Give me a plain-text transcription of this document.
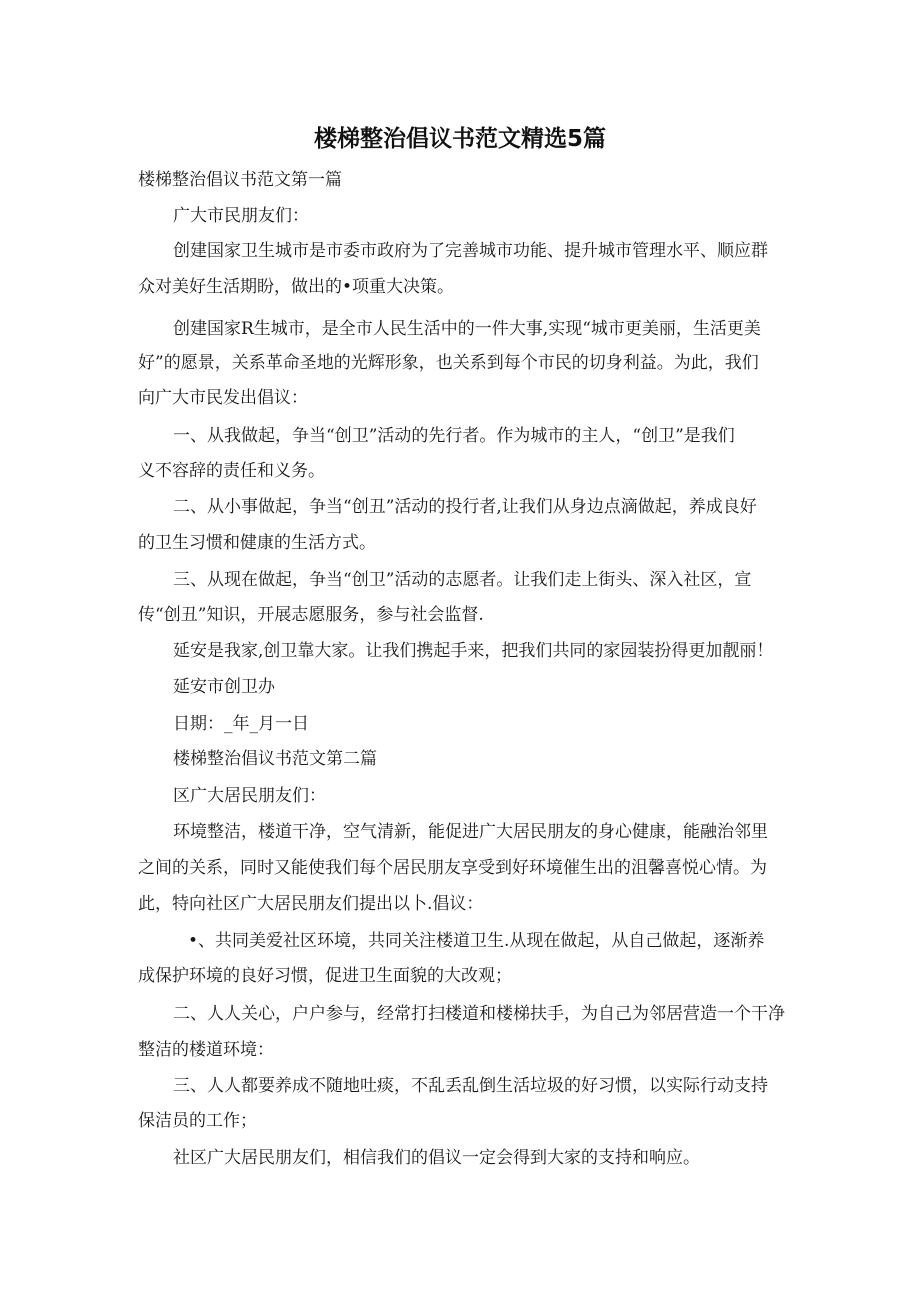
楼梯整治倡议书范文精选5篇
楼梯整治倡议书范文第一篇
广大市民朋友们：
创建国家卫生城市是市委市政府为了完善城市功能、提升城市管理水平、顺应群
众对美好生活期盼，做出的•项重大决策。
创建国家R生城市，是全市人民生活中的一件大事,实现“城市更美丽，生活更美
好”的愿景，关系革命圣地的光辉形象，也关系到每个市民的切身利益。为此，我们
向广大市民发出倡议：
一、从我做起，争当“创卫”活动的先行者。作为城市的主人，“创卫”是我们
义不容辞的责任和义务。
二、从小事做起，争当“创丑”活动的投行者,让我们从身边点滴做起，养成良好
的卫生习惯和健康的生活方式。
三、从现在做起，争当“创卫”活动的志愿者。让我们走上街头、深入社区，宣
传“创丑”知识，开展志愿服务，参与社会监督.
延安是我家,创卫靠大家。让我们携起手来，把我们共同的家园装扮得更加靓丽！
延安市创卫办
日期：_年_月一日
楼梯整治倡议书范文第二篇
区广大居民朋友们：
环境整洁，楼道干净，空气清新，能促进广大居民朋友的身心健康，能融治邻里
之间的关系，同时又能使我们每个居民朋友享受到好环境催生出的沮馨喜悦心情。为
此，特向社区广大居民朋友们提出以卜.倡议：
•、共同美爱社区环境，共同关注楼道卫生.从现在做起，从自己做起，逐渐养
成保护环境的良好习惯，促进卫生面貌的大改观；
二、人人关心，户户参与，经常打扫楼道和楼梯扶手，为自己为邻居营造一个干净
整洁的楼道环境：
三、人人都要养成不随地吐痰，不乱丢乱倒生活垃圾的好习惯，以实际行动支持
保洁员的工作；
社区广大居民朋友们，相信我们的倡议一定会得到大家的支持和响应。
